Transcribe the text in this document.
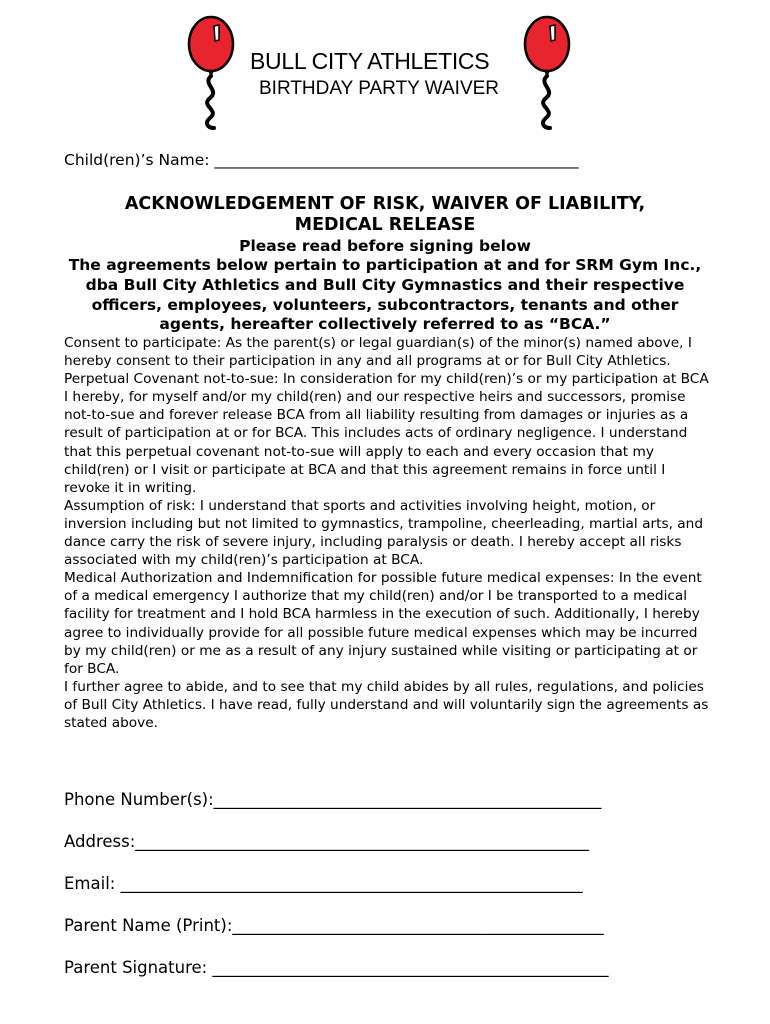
BULL CITY ATHLETICS
BIRTHDAY PARTY WAIVER
Child(ren)’s Name: _______________________________________________
ACKNOWLEDGEMENT OF RISK, WAIVER OF LIABILITY,
MEDICAL RELEASE
Please read before signing below
The agreements below pertain to participation at and for SRM Gym Inc., dba Bull City Athletics and Bull City Gymnastics and their respective officers, employees, volunteers, subcontractors, tenants and other agents, hereafter collectively referred to as “BCA.”

Consent to participate: As the parent(s) or legal guardian(s) of the minor(s) named above, I hereby consent to their participation in any and all programs at or for Bull City Athletics.

Perpetual Covenant not-to-sue: In consideration for my child(ren)’s or my participation at BCA I hereby, for myself and/or my child(ren) and our respective heirs and successors, promise not-to-sue and forever release BCA from all liability resulting from damages or injuries as a result of participation at or for BCA. This includes acts of ordinary negligence. I understand that this perpetual covenant not-to-sue will apply to each and every occasion that my child(ren) or I visit or participate at BCA and that this agreement remains in force until I revoke it in writing.

Assumption of risk: I understand that sports and activities involving height, motion, or inversion including but not limited to gymnastics, trampoline, cheerleading, martial arts, and dance carry the risk of severe injury, including paralysis or death. I hereby accept all risks associated with my child(ren)’s participation at BCA.

Medical Authorization and Indemnification for possible future medical expenses: In the event of a medical emergency I authorize that my child(ren) and/or I be transported to a medical facility for treatment and I hold BCA harmless in the execution of such. Additionally, I hereby agree to individually provide for all possible future medical expenses which may be incurred by my child(ren) or me as a result of any injury sustained while visiting or participating at or for BCA.

I further agree to abide, and to see that my child abides by all rules, regulations, and policies of Bull City Athletics. I have read, fully understand and will voluntarily sign the agreements as stated above.

Phone Number(s):_______________________________________________
Address:_______________________________________________________
Email: ________________________________________________________
Parent Name (Print):_____________________________________________
Parent Signature: ________________________________________________
